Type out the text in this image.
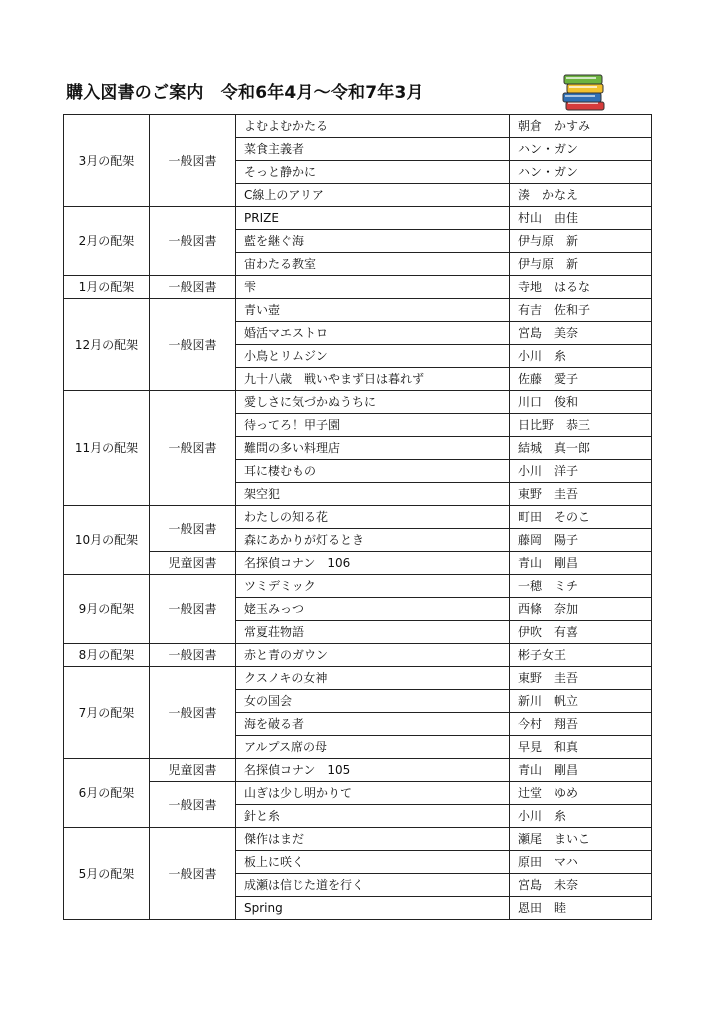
購入図書のご案内　令和6年4月～令和7年3月
3月の配架	一般図書	よむよむかたる	朝倉　かすみ
		菜食主義者	ハン・ガン
		そっと静かに	ハン・ガン
		C線上のアリア	湊　かなえ
2月の配架	一般図書	PRIZE	村山　由佳
		藍を継ぐ海	伊与原　新
		宙わたる教室	伊与原　新
1月の配架	一般図書	雫	寺地　はるな
12月の配架	一般図書	青い壺	有吉　佐和子
		婚活マエストロ	宮島　美奈
		小鳥とリムジン	小川　糸
		九十八歳　戦いやまず日は暮れず	佐藤　愛子
11月の配架	一般図書	愛しさに気づかぬうちに	川口　俊和
		待ってろ！甲子園	日比野　恭三
		難問の多い料理店	結城　真一郎
		耳に棲むもの	小川　洋子
		架空犯	東野　圭吾
10月の配架	一般図書	わたしの知る花	町田　そのこ
		森にあかりが灯るとき	藤岡　陽子
	児童図書	名探偵コナン　106	青山　剛昌
9月の配架	一般図書	ツミデミック	一穂　ミチ
		姥玉みっつ	西條　奈加
		常夏荘物語	伊吹　有喜
8月の配架	一般図書	赤と青のガウン	彬子女王
7月の配架	一般図書	クスノキの女神	東野　圭吾
		女の国会	新川　帆立
		海を破る者	今村　翔吾
		アルプス席の母	早見　和真
6月の配架	児童図書	名探偵コナン　105	青山　剛昌
	一般図書	山ぎは少し明かりて	辻堂　ゆめ
		針と糸	小川　糸
5月の配架	一般図書	傑作はまだ	瀬尾　まいこ
		板上に咲く	原田　マハ
		成瀬は信じた道を行く	宮島　未奈
		Spring	恩田　睦
